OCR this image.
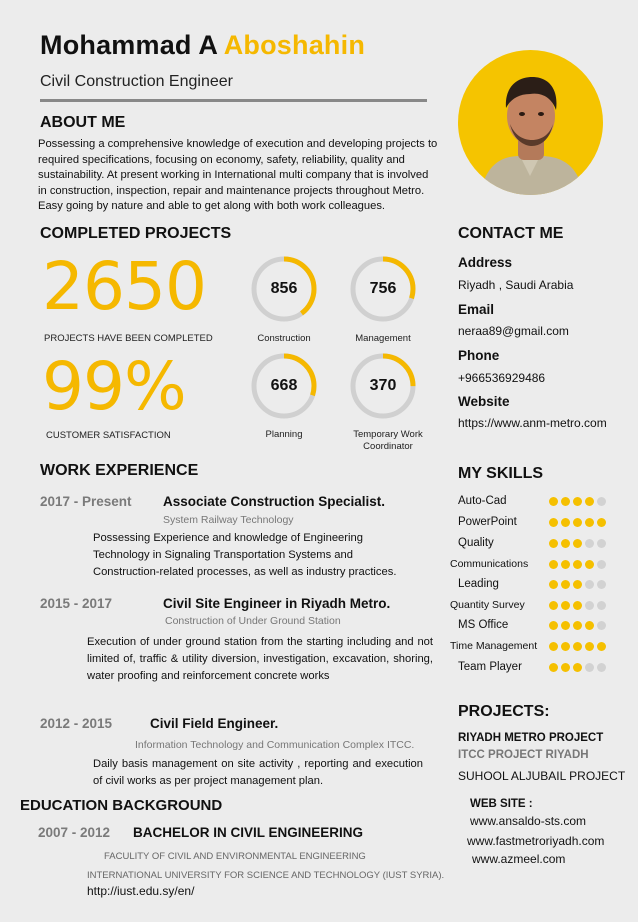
Mohammad A Aboshahin
Civil Construction Engineer
ABOUT ME
Possessing a comprehensive knowledge of execution and developing projects to
required specifications, focusing on economy, safety, reliability, quality and
sustainability. At present working in International multi company that is involved
in construction, inspection, repair and maintenance projects throughout Metro.
Easy going by nature and able to get along with both work colleagues.
COMPLETED PROJECTS
2650
PROJECTS HAVE BEEN COMPLETED
99%
CUSTOMER SATISFACTION
856
Construction
756
Management
668
Planning
370
Temporary Work
Coordinator
WORK EXPERIENCE
2017 - Present Associate Construction Specialist.
System Railway Technology
Possessing Experience and knowledge of Engineering
Technology in Signaling Transportation Systems and
Construction-related processes, as well as industry practices.
2015 - 2017	Civil Site Engineer in Riyadh Metro.
Construction of Under Ground Station
Execution of under ground station from the starting including and not limited of, traffic & utility diversion, investigation, excavation, shoring, water proofing and reinforcement concrete works
2012 - 2015	Civil Field Engineer.
Information Technology and Communication Complex ITCC.
Daily basis management on site activity , reporting and execution of civil works as per project management plan.
EDUCATION BACKGROUND
2007 - 2012 BACHELOR IN CIVIL ENGINEERING
FACULITY OF CIVIL AND ENVIRONMENTAL ENGINEERING
INTERNATIONAL UNIVERSITY FOR SCIENCE AND TECHNOLOGY (IUST SYRIA).
http://iust.edu.sy/en/
CONTACT ME
Address
Riyadh , Saudi Arabia
Email
neraa89@gmail.com
Phone
+966536929486
Website
https://www.anm-metro.com
MY SKILLS
Auto-Cad
PowerPoint
Quality
Communications
Leading
Quantity Survey
MS Office
Time Management
Team Player
PROJECTS:
RIYADH METRO PROJECT
ITCC PROJECT RIYADH
SUHOOL ALJUBAIL PROJECT
WEB SITE :
www.ansaldo-sts.com
www.fastmetroriyadh.com
www.azmeel.com
